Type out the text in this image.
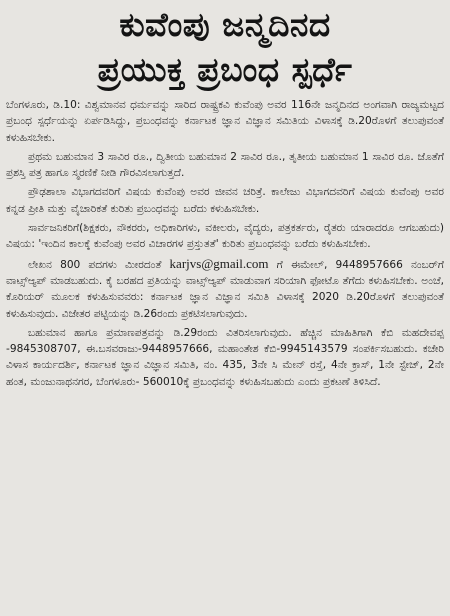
ಕುವೆಂಪು ಜನ್ಮದಿನದ
ಪ್ರಯುಕ್ತ ಪ್ರಬಂಧ ಸ್ಪರ್ಧೆ

ಬೆಂಗಳೂರು, ಡಿ.10: ವಿಶ್ವಮಾನವ ಧರ್ಮವನ್ನು ಸಾರಿದ ರಾಷ್ಟ್ರಕವಿ ಕುವೆಂಪು ಅವರ 116ನೇ ಜನ್ಮದಿನದ ಅಂಗವಾಗಿ ರಾಜ್ಯಮಟ್ಟದ ಪ್ರಬಂಧ ಸ್ಪರ್ಧೆಯನ್ನು ಏರ್ಪಡಿಸಿದ್ದು, ಪ್ರಬಂಧವನ್ನು ಕರ್ನಾಟಕ ಜ್ಞಾನ ವಿಜ್ಞಾನ ಸಮಿತಿಯ ವಿಳಾಸಕ್ಕೆ ಡಿ.20ರೊಳಗೆ ತಲುಪುವಂತೆ ಕಳುಹಿಸಬೇಕು.

ಪ್ರಥಮ ಬಹುಮಾನ 3 ಸಾವಿರ ರೂ., ದ್ವಿತೀಯ ಬಹುಮಾನ 2 ಸಾವಿರ ರೂ., ತೃತೀಯ ಬಹುಮಾನ 1 ಸಾವಿರ ರೂ. ಜೊತೆಗೆ ಪ್ರಶಸ್ತಿ ಪತ್ರ ಹಾಗೂ ಸ್ಮರಣಿಕೆ ನೀಡಿ ಗೌರವಿಸಲಾಗುತ್ತದೆ.

ಪ್ರೌಢಶಾಲಾ ವಿಭಾಗದವರಿಗೆ ವಿಷಯ ಕುವೆಂಪು ಅವರ ಜೀವನ ಚರಿತ್ರೆ. ಕಾಲೇಜು ವಿಭಾಗದವರಿಗೆ ವಿಷಯ ಕುವೆಂಪು ಅವರ ಕನ್ನಡ ಪ್ರೀತಿ ಮತ್ತು ವೈಚಾರಿಕತೆ ಕುರಿತು ಪ್ರಬಂಧವನ್ನು ಬರೆದು ಕಳುಹಿಸಬೇಕು.

ಸಾರ್ವಜನಿಕರಿಗೆ(ಶಿಕ್ಷಕರು, ನೌಕರರು, ಅಧಿಕಾರಿಗಳು, ವಕೀಲರು, ವೈದ್ಯರು, ಪತ್ರಕರ್ತರು, ರೈತರು ಯಾರಾದರೂ ಆಗಬಹುದು) ವಿಷಯ: 'ಇಂದಿನ ಕಾಲಕ್ಕೆ ಕುವೆಂಪು ಅವರ ವಿಚಾರಗಳ ಪ್ರಸ್ತುತತೆ' ಕುರಿತು ಪ್ರಬಂಧವನ್ನು ಬರೆದು ಕಳುಹಿಸಬೇಕು.

ಲೇಖನ 800 ಪದಗಳು ಮೀರದಂತೆ karjvs@gmail.com ಗೆ ಈಮೇಲ್, 9448957666 ನಂಬರ್‌ಗೆ ವಾಟ್ಸ್‌ಆ್ಯಪ್ ಮಾಡಬಹುದು. ಕೈ ಬರಹದ ಪ್ರತಿಯನ್ನು ವಾಟ್ಸ್‌ಆ್ಯಪ್ ಮಾಡುವಾಗ ಸರಿಯಾಗಿ ಫೋಟೊ ತೆಗೆದು ಕಳುಹಿಸಬೇಕು. ಅಂಚೆ, ಕೊರಿಯರ್ ಮೂಲಕ ಕಳುಹಿಸುವವರು: ಕರ್ನಾಟಕ ಜ್ಞಾನ ವಿಜ್ಞಾನ ಸಮಿತಿ ವಿಳಾಸಕ್ಕೆ 2020 ಡಿ.20ರೊಳಗೆ ತಲುಪುವಂತೆ ಕಳುಹಿಸುವುದು. ವಿಜೇತರ ಪಟ್ಟಿಯನ್ನು ಡಿ.26ರಂದು ಪ್ರಕಟಿಸಲಾಗುವುದು.

ಬಹುಮಾನ ಹಾಗೂ ಪ್ರಮಾಣಪತ್ರವನ್ನು ಡಿ.29ರಂದು ವಿತರಿಸಲಾಗುವುದು. ಹೆಚ್ಚಿನ ಮಾಹಿತಿಗಾಗಿ ಕೆಬಿ ಮಹದೇವಪ್ಪ -9845308707, ಈ.ಬಸವರಾಜು-9448957666, ಮಹಾಂತೇಶ ಕೆಬಿ-9945143579 ಸಂಪರ್ಕಿಸಬಹುದು. ಕಚೇರಿ ವಿಳಾಸ ಕಾರ್ಯದರ್ಶಿ, ಕರ್ನಾಟಕ ಜ್ಞಾನ ವಿಜ್ಞಾನ ಸಮಿತಿ, ನಂ. 435, 3ನೇ ಸಿ ಮೇನ್ ರಸ್ತೆ, 4ನೇ ಕ್ರಾಸ್, 1ನೇ ಸ್ಟೇಜ್, 2ನೇ ಹಂತ, ಮಂಜುನಾಥನಗರ, ಬೆಂಗಳೂರು- 560010ಕ್ಕೆ ಪ್ರಬಂಧವನ್ನು ಕಳುಹಿಸಬಹುದು ಎಂದು ಪ್ರಕಟಣೆ ತಿಳಿಸಿದೆ.
